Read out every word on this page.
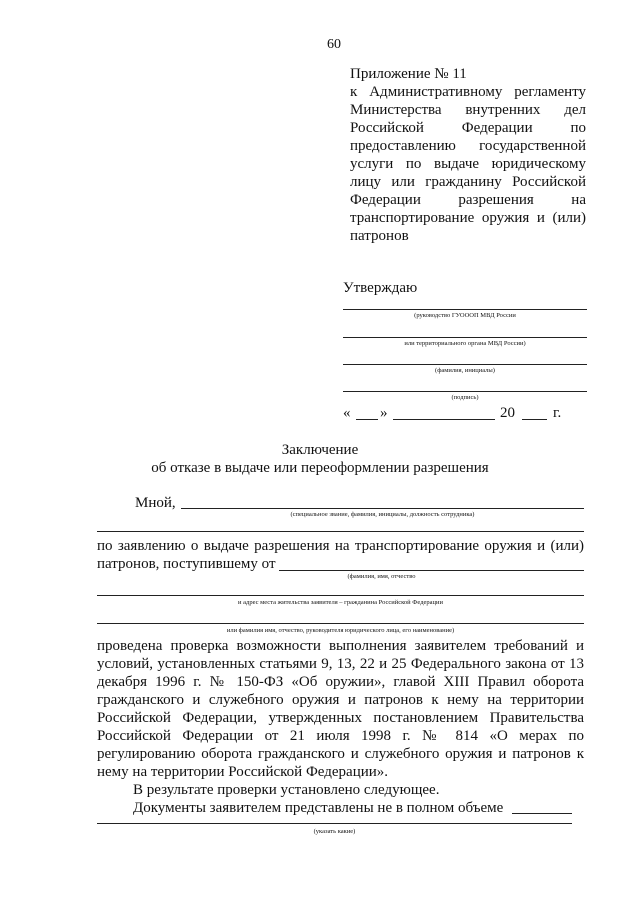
60
Приложение № 11
к Административному регламенту
Министерства внутренних дел
Российской Федерации по
предоставлению государственной
услуги по выдаче юридическому
лицу или гражданину Российской
Федерации разрешения на
транспортирование оружия и (или)
патронов
Утверждаю
(руководство ГУОООП МВД России
или территориального органа МВД России)
(фамилия, инициалы)
(подпись)
« »	20	г.
Заключение
об отказе в выдаче или переоформлении разрешения
Мной,
(специальное звание, фамилия, инициалы, должность сотрудника)
по заявлению о выдаче разрешения на транспортирование оружия и (или)
патронов, поступившему от
(фамилия, имя, отчество
и адрес места жительства заявителя – гражданина Российской Федерации
или фамилия имя, отчество, руководителя юридического лица, его наименование)
проведена проверка возможности выполнения заявителем требований и
условий, установленных статьями 9, 13, 22 и 25 Федерального закона от 13
декабря 1996 г. № 150-ФЗ «Об оружии», главой XIII Правил оборота
гражданского и служебного оружия и патронов к нему на территории
Российской Федерации, утвержденных постановлением Правительства
Российской Федерации от 21 июля 1998 г. № 814 «О мерах по
регулированию оборота гражданского и служебного оружия и патронов к
нему на территории Российской Федерации».
В результате проверки установлено следующее.
Документы заявителем представлены не в полном объеме
(указать какие)
